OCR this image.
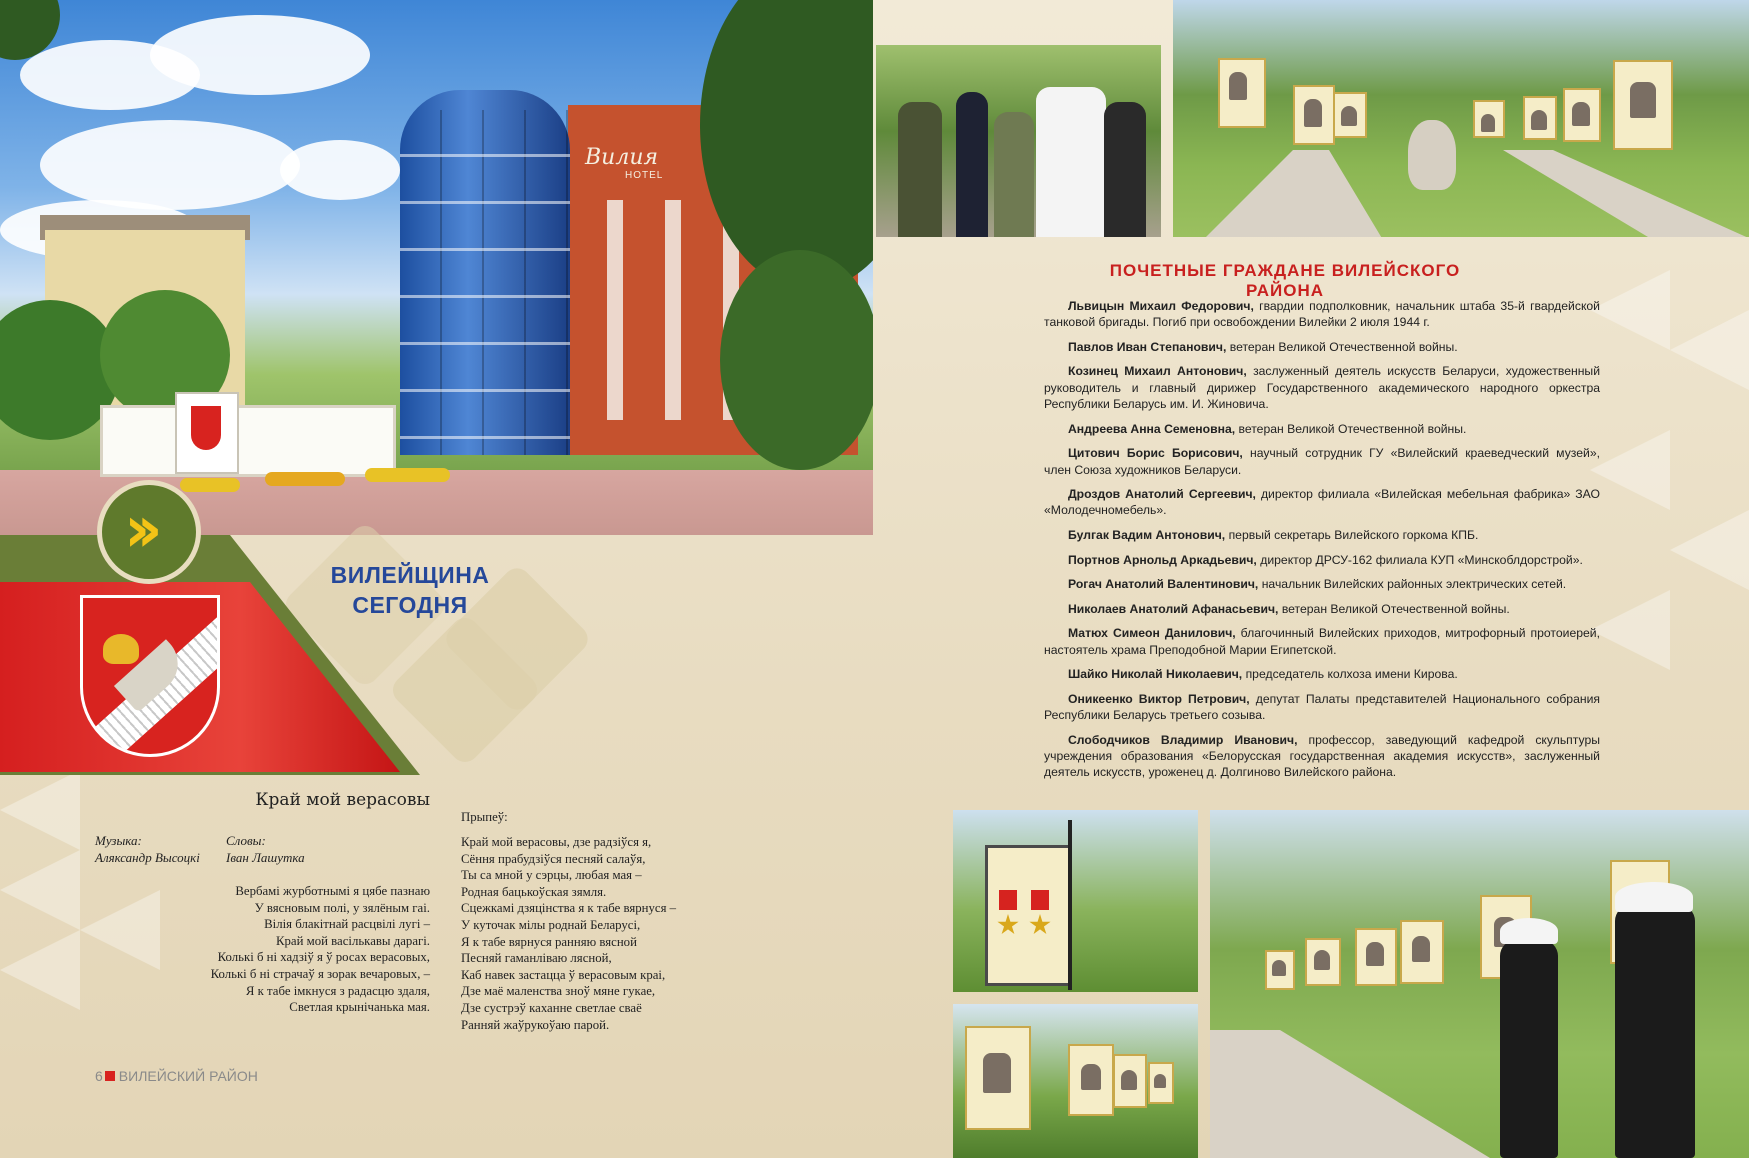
Вилия
HOTEL
››
ВИЛЕЙЩИНА
СЕГОДНЯ
Край мой верасовы
Музыка:
Аляксандр Высоцкі
Словы:
Іван Лашутка
Вербамі журботнымі я цябе пазнаю
У вясновым полі, у зялёным гаі.
Вілія блакітнай расцвілі лугі –
Край мой васількавы дарагі.
Колькі б ні хадзіў я ў росах верасовых,
Колькі б ні страчаў я зорак вечаровых, –
Я к табе імкнуся з радасцю здаля,
Светлая крынічанька мая.
Прыпеў:
Край мой верасовы, дзе радзіўся я,
Сёння прабудзіўся песняй салаўя,
Ты са мной у сэрцы, любая мая –
Родная бацькоўская зямля.
Сцежкамі дзяцінства я к табе вярнуся –
У куточак мілы роднай Беларусі,
Я к табе вярнуся ранняю вясной
Песняй гаманліваю лясной,
Каб навек застацца ў верасовым краі,
Дзе маё маленства зноў мяне гукае,
Дзе сустрэў каханне светлае сваё
Ранняй жаўрукоўаю парой.
6 ВИЛЕЙСКИЙ РАЙОН
ПОЧЕТНЫЕ ГРАЖДАНЕ ВИЛЕЙСКОГО РАЙОНА
Львицын Михаил Федорович, гвардии подполковник, начальник штаба 35-й гвардейской танковой бригады. Погиб при освобождении Вилейки 2 июля 1944 г.
Павлов Иван Степанович, ветеран Великой Отечественной войны.
Козинец Михаил Антонович, заслуженный деятель искусств Беларуси, художественный руководитель и главный дирижер Государственного академического народного оркестра Республики Беларусь им. И. Жиновича.
Андреева Анна Семеновна, ветеран Великой Отечественной войны.
Цитович Борис Борисович, научный сотрудник ГУ «Вилейский краеведческий музей», член Союза художников Беларуси.
Дроздов Анатолий Сергеевич, директор филиала «Вилейская мебельная фабрика» ЗАО «Молодечномебель».
Булгак Вадим Антонович, первый секретарь Вилейского горкома КПБ.
Портнов Арнольд Аркадьевич, директор ДРСУ-162 филиала КУП «Минскоблдорстрой».
Рогач Анатолий Валентинович, начальник Вилейских районных электрических сетей.
Николаев Анатолий Афанасьевич, ветеран Великой Отечественной войны.
Матюх Симеон Данилович, благочинный Вилейских приходов, митрофорный протоиерей, настоятель храма Преподобной Марии Египетской.
Шайко Николай Николаевич, председатель колхоза имени Кирова.
Оникеенко Виктор Петрович, депутат Палаты представителей Национального собрания Республики Беларусь третьего созыва.
Слободчиков Владимир Иванович, профессор, заведующий кафедрой скульптуры учреждения образования «Белорусская государственная академия искусств», заслуженный деятель искусств, уроженец д. Долгиново Вилейского района.
